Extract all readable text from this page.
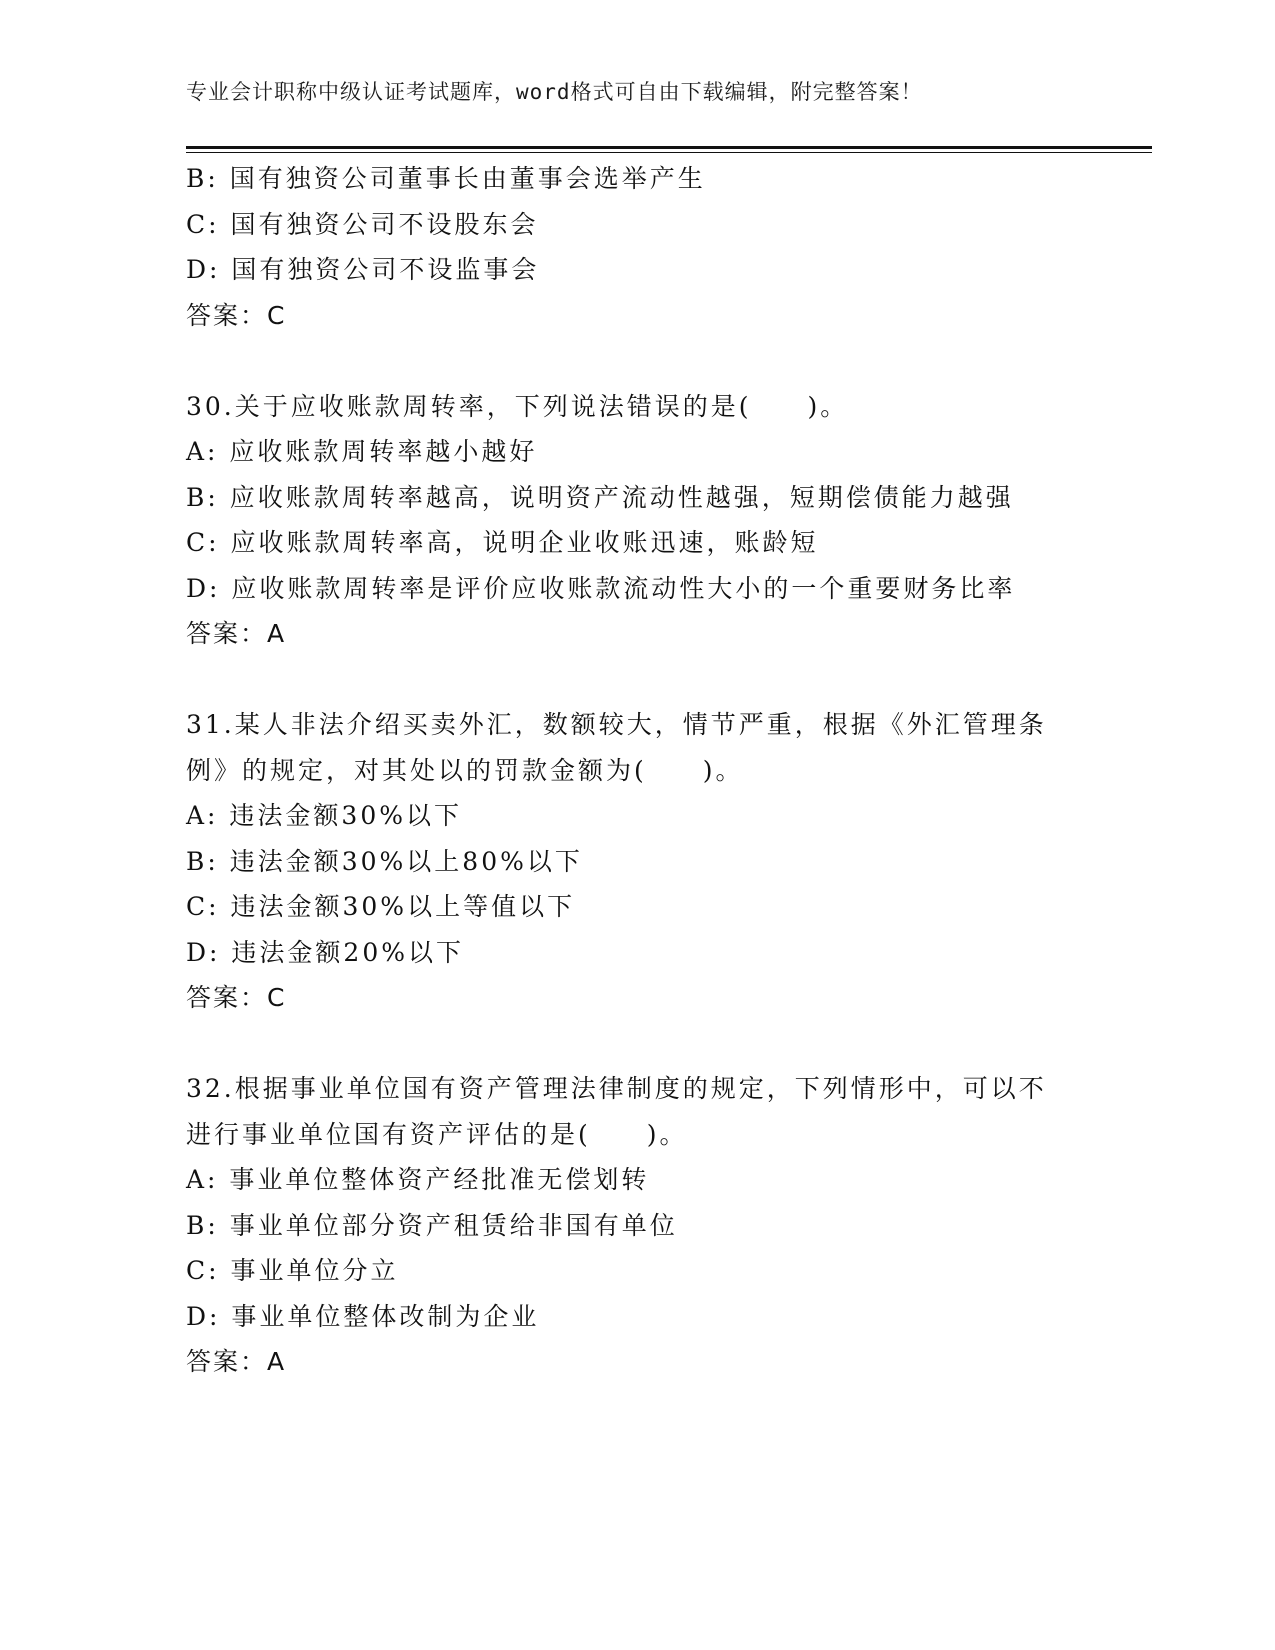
专业会计职称中级认证考试题库，word格式可自由下载编辑，附完整答案！
B: 国有独资公司董事长由董事会选举产生
C: 国有独资公司不设股东会
D: 国有独资公司不设监事会
答案：C
30.关于应收账款周转率，下列说法错误的是(　　)。
A: 应收账款周转率越小越好
B: 应收账款周转率越高，说明资产流动性越强，短期偿债能力越强
C: 应收账款周转率高，说明企业收账迅速，账龄短
D: 应收账款周转率是评价应收账款流动性大小的一个重要财务比率
答案：A
31.某人非法介绍买卖外汇，数额较大，情节严重，根据《外汇管理条
例》的规定，对其处以的罚款金额为(　　)。
A: 违法金额30%以下
B: 违法金额30%以上80%以下
C: 违法金额30%以上等值以下
D: 违法金额20%以下
答案：C
32.根据事业单位国有资产管理法律制度的规定，下列情形中，可以不
进行事业单位国有资产评估的是(　　)。
A: 事业单位整体资产经批准无偿划转
B: 事业单位部分资产租赁给非国有单位
C: 事业单位分立
D: 事业单位整体改制为企业
答案：A
